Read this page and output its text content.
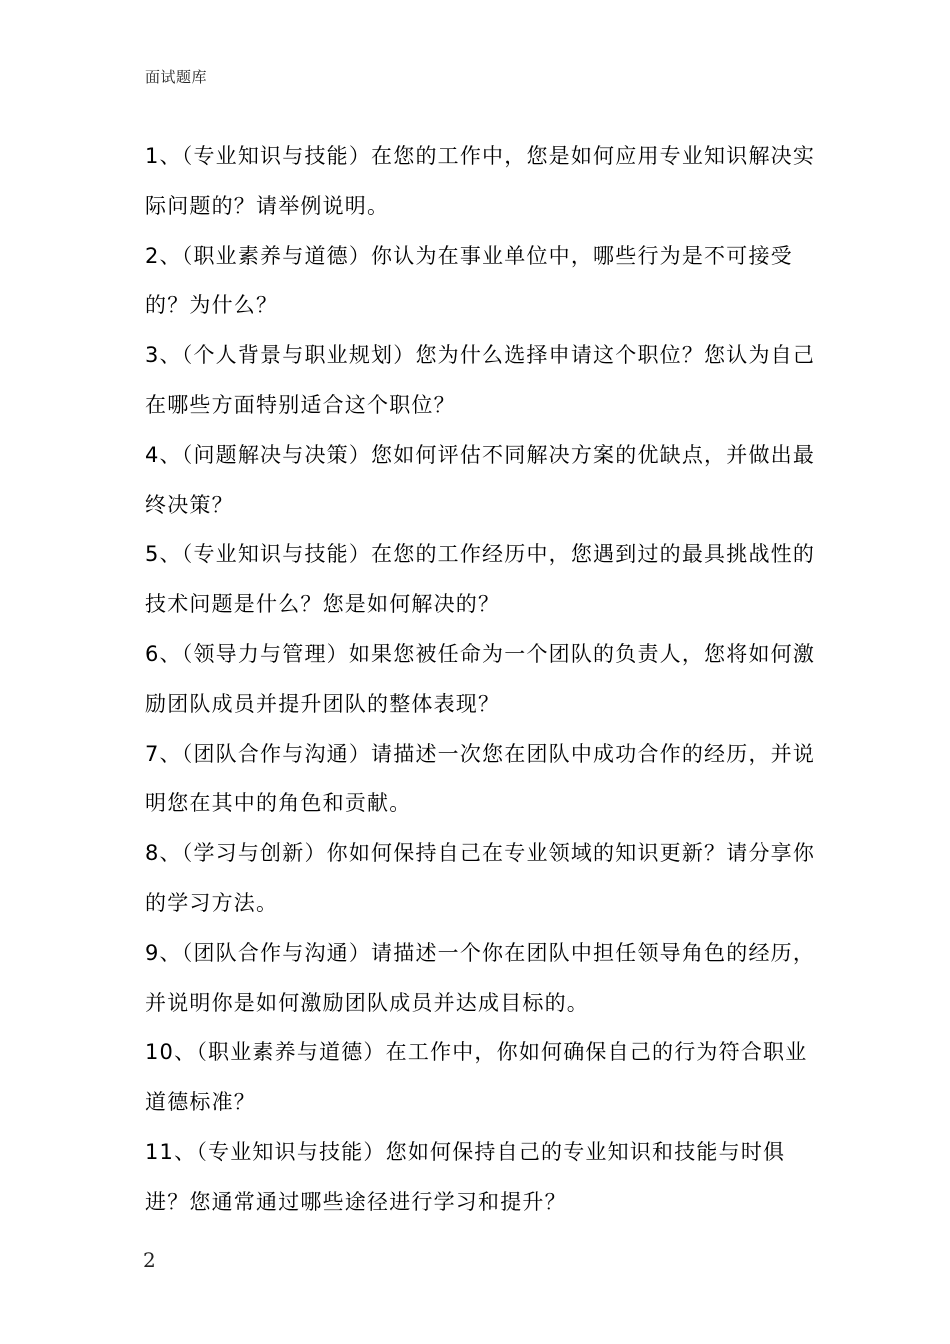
面试题库

1、（专业知识与技能）在您的工作中，您是如何应用专业知识解决实际问题的？请举例说明。

2、（职业素养与道德）你认为在事业单位中，哪些行为是不可接受的？为什么？

3、（个人背景与职业规划）您为什么选择申请这个职位？您认为自己在哪些方面特别适合这个职位？

4、（问题解决与决策）您如何评估不同解决方案的优缺点，并做出最终决策？

5、（专业知识与技能）在您的工作经历中，您遇到过的最具挑战性的技术问题是什么？您是如何解决的？

6、（领导力与管理）如果您被任命为一个团队的负责人，您将如何激励团队成员并提升团队的整体表现？

7、（团队合作与沟通）请描述一次您在团队中成功合作的经历，并说明您在其中的角色和贡献。

8、（学习与创新）你如何保持自己在专业领域的知识更新？请分享你的学习方法。

9、（团队合作与沟通）请描述一个你在团队中担任领导角色的经历，并说明你是如何激励团队成员并达成目标的。

10、（职业素养与道德）在工作中，你如何确保自己的行为符合职业道德标准？

11、（专业知识与技能）您如何保持自己的专业知识和技能与时俱进？您通常通过哪些途径进行学习和提升？

2
